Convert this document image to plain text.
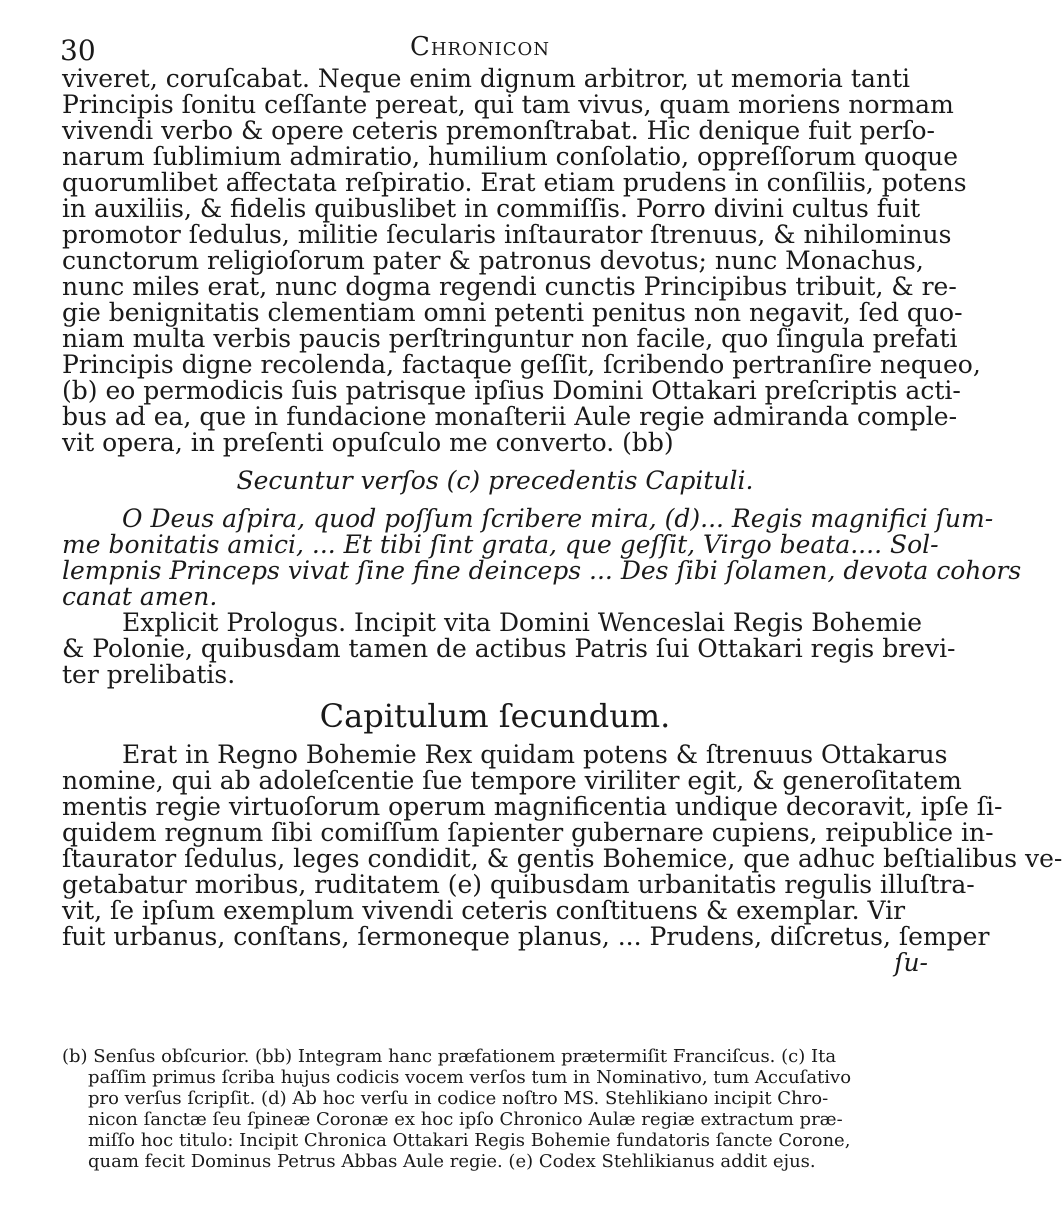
30	Chronicon
viveret, coruſcabat. Neque enim dignum arbitror, ut memoria tanti
Principis ſonitu ceſſante pereat, qui tam vivus, quam moriens normam
vivendi verbo & opere ceteris premonſtrabat. Hic denique fuit perſo-
narum ſublimium admiratio, humilium conſolatio, oppreſſorum quoque
quorumlibet affectata reſpiratio. Erat etiam prudens in conſiliis, potens
in auxiliis, & fidelis quibuslibet in commiſſis. Porro divini cultus fuit
promotor ſedulus, militie ſecularis inſtaurator ſtrenuus, & nihilominus
cunctorum religioſorum pater & patronus devotus; nunc Monachus,
nunc miles erat, nunc dogma regendi cunctis Principibus tribuit, & re-
gie benignitatis clementiam omni petenti penitus non negavit, ſed quo-
niam multa verbis paucis perſtringuntur non facile, quo ſingula prefati
Principis digne recolenda, factaque geſſit, ſcribendo pertranſire nequeo,
(b) eo permodicis ſuis patrisque ipſius Domini Ottakari preſcriptis acti-
bus ad ea, que in fundacione monaſterii Aule regie admiranda comple-
vit opera, in preſenti opuſculo me converto. (bb)
Secuntur verſos (c) precedentis Capituli.
O Deus aſpira, quod poſſum ſcribere mira, (d)... Regis magnifici ſum-
me bonitatis amici, ... Et tibi ſint grata, que geſſit, Virgo beata.... Sol-
lempnis Princeps vivat ſine fine deinceps ... Des ſibi ſolamen, devota cohors
canat amen.
Explicit Prologus. Incipit vita Domini Wenceslai Regis Bohemie
& Polonie, quibusdam tamen de actibus Patris ſui Ottakari regis brevi-
ter prelibatis.
Capitulum ſecundum.
Erat in Regno Bohemie Rex quidam potens & ſtrenuus Ottakarus
nomine, qui ab adoleſcentie ſue tempore viriliter egit, & generoſitatem
mentis regie virtuoſorum operum magnificentia undique decoravit, ipſe ſi-
quidem regnum ſibi comiſſum ſapienter gubernare cupiens, reipublice in-
ſtaurator ſedulus, leges condidit, & gentis Bohemice, que adhuc beſtialibus ve-
getabatur moribus, ruditatem (e) quibusdam urbanitatis regulis illuſtra-
vit, ſe ipſum exemplum vivendi ceteris conſtituens & exemplar. Vir
fuit urbanus, conſtans, ſermoneque planus, ... Prudens, diſcretus, ſemper
ſu-
(b) Senſus obſcurior. (bb) Integram hanc præfationem prætermiſit Franciſcus. (c) Ita
paſſim primus ſcriba hujus codicis vocem verſos tum in Nominativo, tum Accuſativo
pro verſus ſcripſit. (d) Ab hoc verſu in codice noſtro MS. Stehlikiano incipit Chro-
nicon ſanctæ ſeu ſpineæ Coronæ ex hoc ipſo Chronico Aulæ regiæ extractum præ-
miſſo hoc titulo: Incipit Chronica Ottakari Regis Bohemie fundatoris ſancte Corone,
quam fecit Dominus Petrus Abbas Aule regie. (e) Codex Stehlikianus addit ejus.
